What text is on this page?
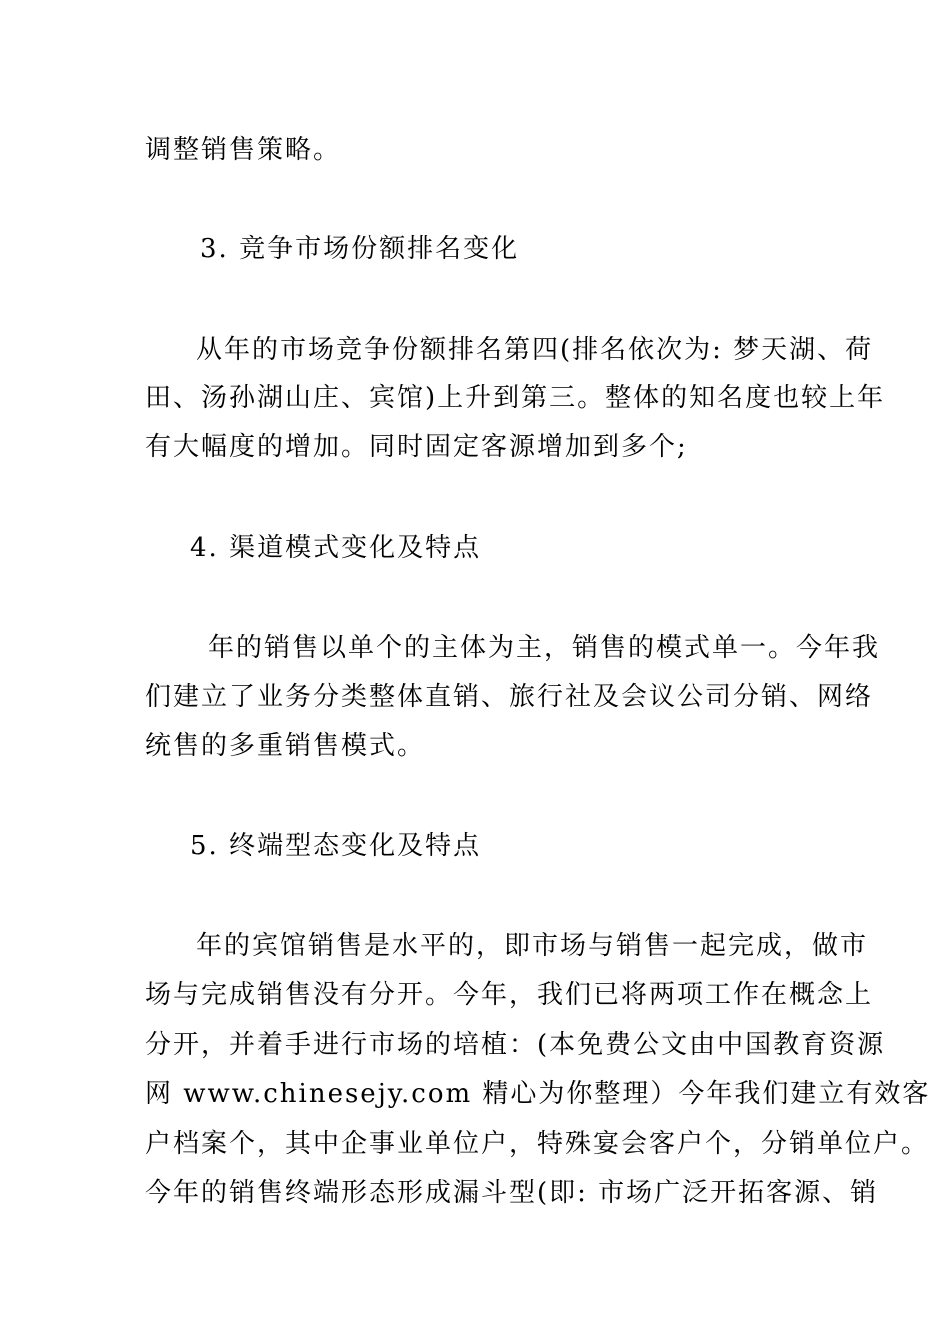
调整销售策略。
3. 竞争市场份额排名变化
从年的市场竞争份额排名第四(排名依次为: 梦天湖、荷
田、汤孙湖山庄、宾馆)上升到第三。整体的知名度也较上年
有大幅度的增加。同时固定客源增加到多个;
4. 渠道模式变化及特点
年的销售以单个的主体为主，销售的模式单一。今年我
们建立了业务分类整体直销、旅行社及会议公司分销、网络
统售的多重销售模式。
5. 终端型态变化及特点
年的宾馆销售是水平的，即市场与销售一起完成，做市
场与完成销售没有分开。今年，我们已将两项工作在概念上
分开，并着手进行市场的培植：(本免费公文由中国教育资源
网 www.chinesejy.com 精心为你整理）今年我们建立有效客
户档案个，其中企事业单位户，特殊宴会客户个，分销单位户。
今年的销售终端形态形成漏斗型(即: 市场广泛开拓客源、销
